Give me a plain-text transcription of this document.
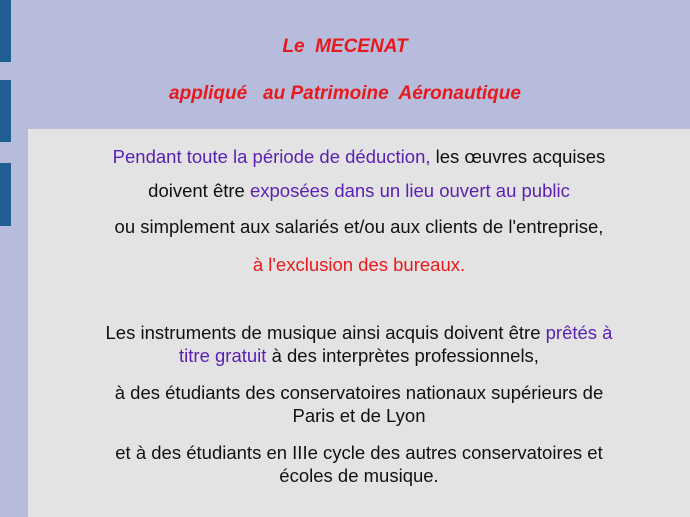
Le  MECENAT
appliqué   au Patrimoine  Aéronautique
Pendant toute la période de déduction, les œuvres acquises
doivent être exposées dans un lieu ouvert au public
ou simplement aux salariés et/ou aux clients de l'entreprise,
à l'exclusion des bureaux.
Les instruments de musique ainsi acquis doivent être prêtés à
titre gratuit à des interprètes professionnels,
à des étudiants des conservatoires nationaux supérieurs de
Paris et de Lyon
et à des étudiants en IIIe cycle des autres conservatoires et
écoles de musique.
